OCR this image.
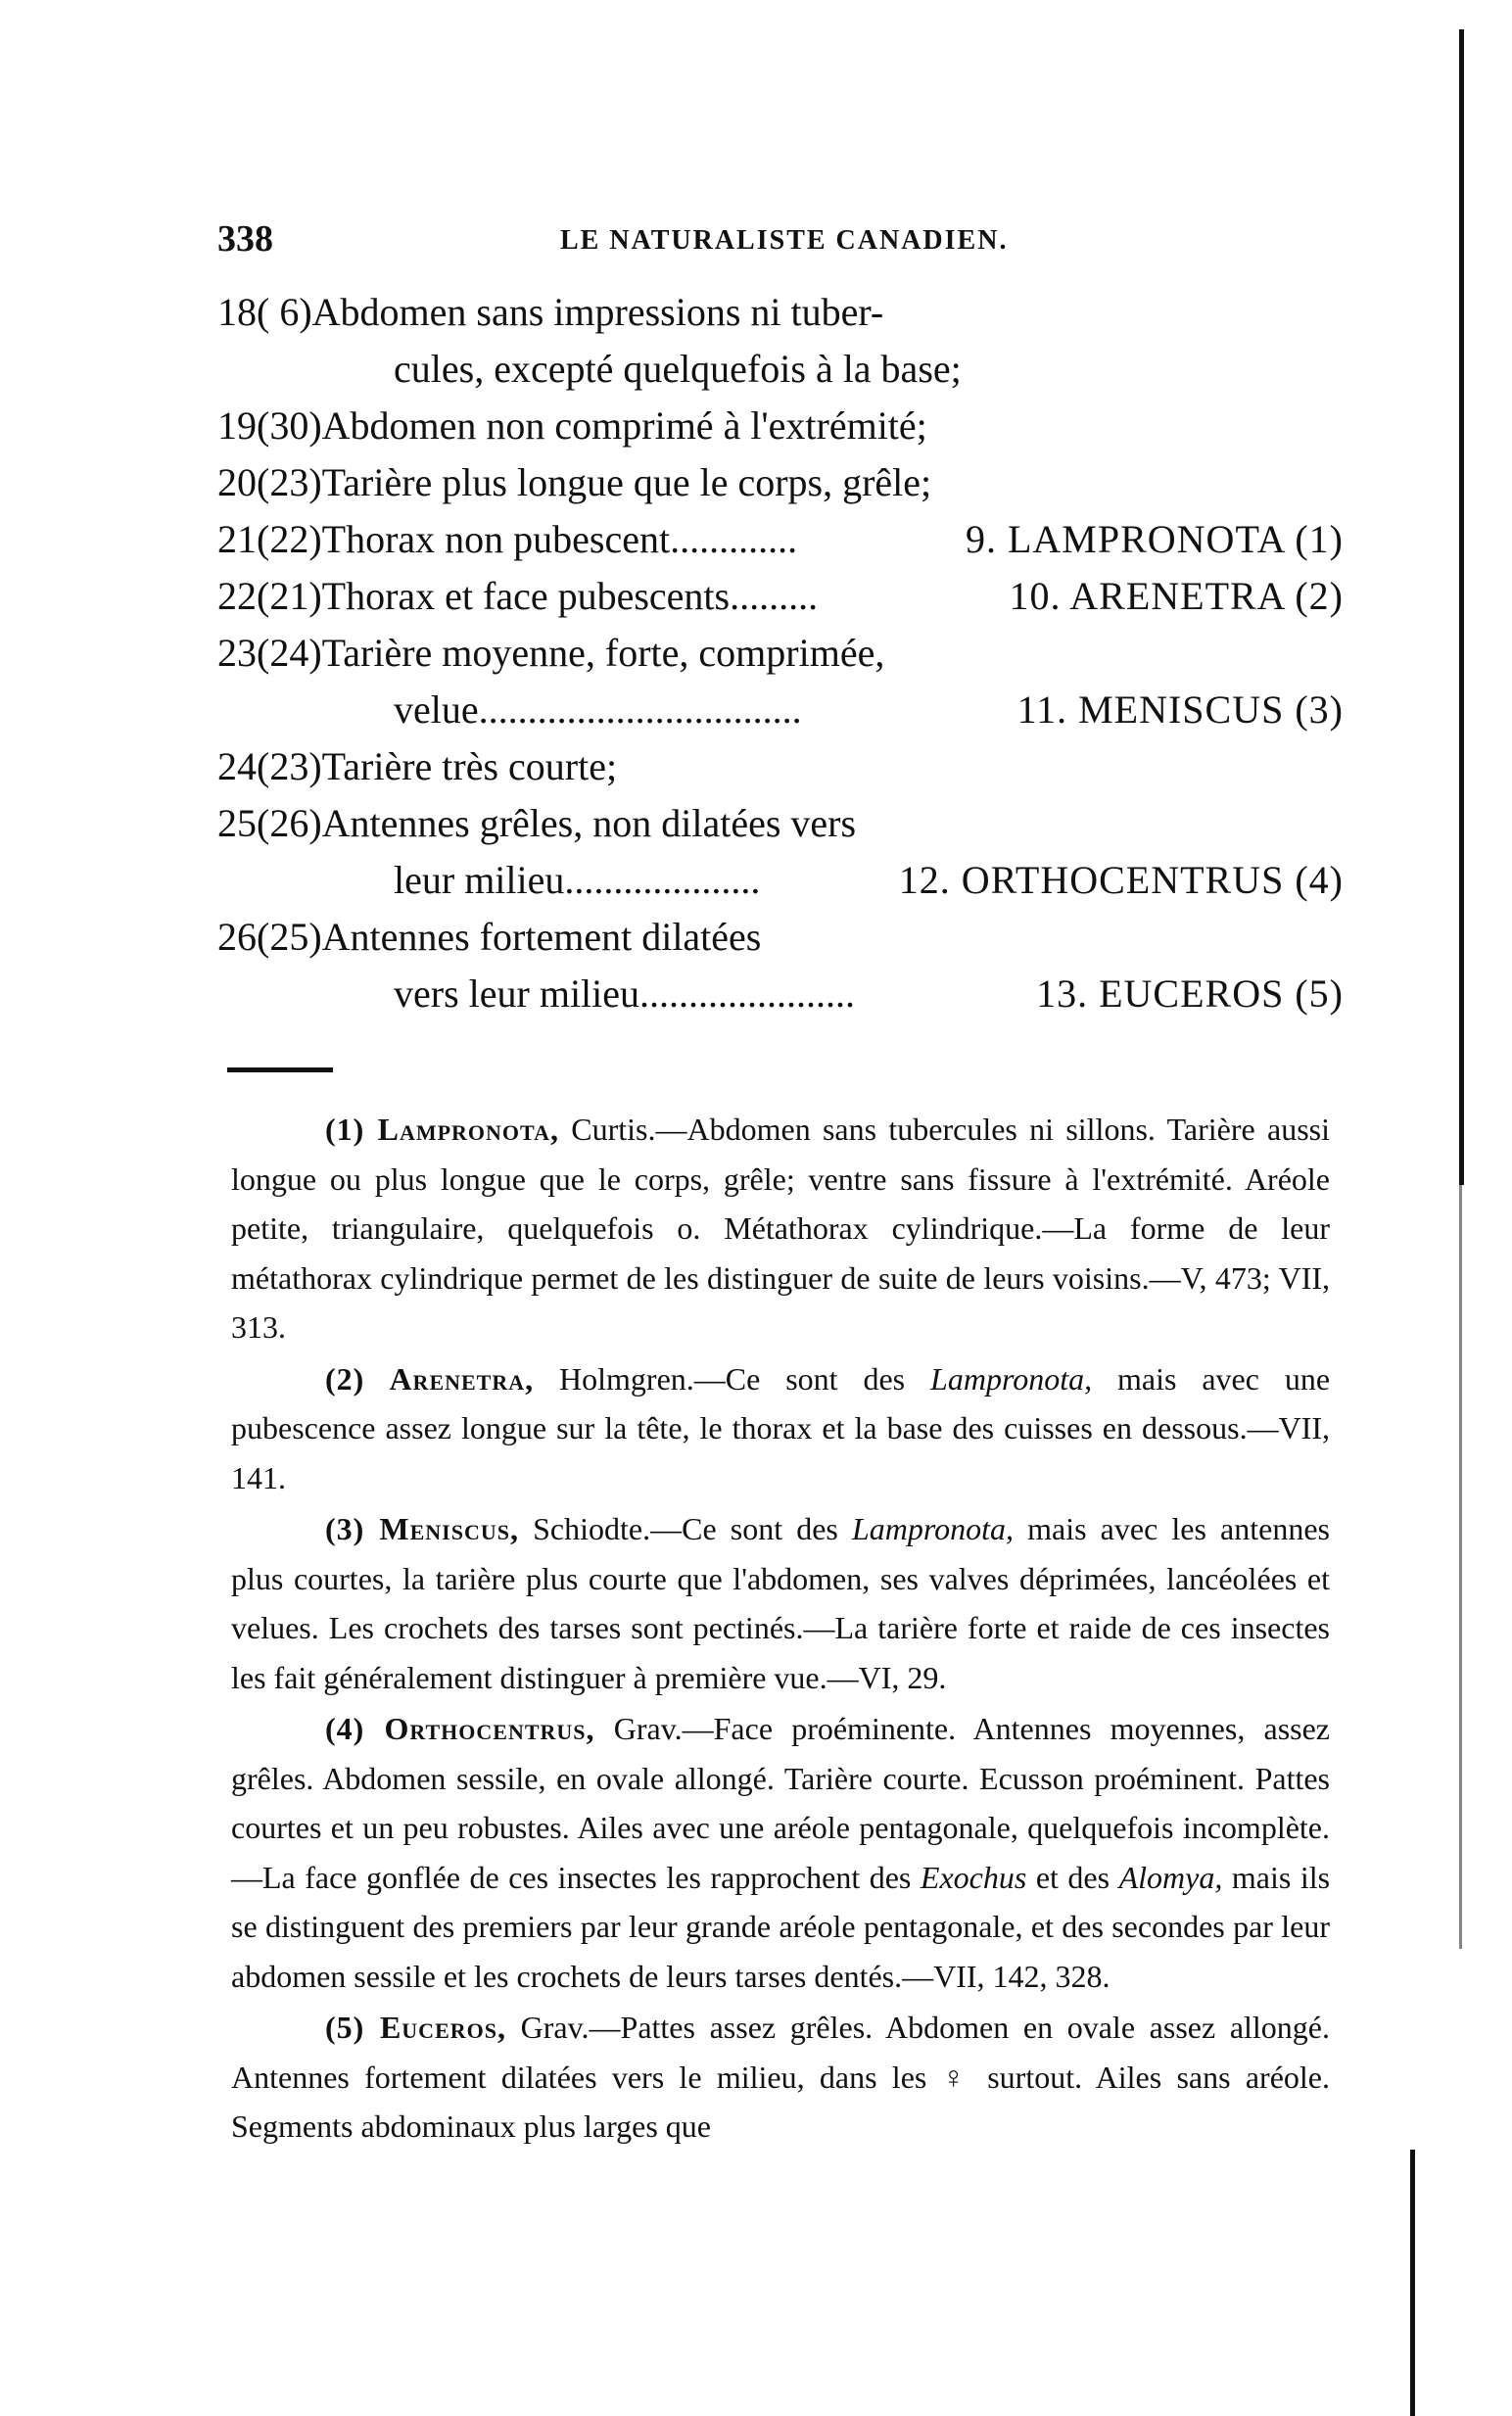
338	LE NATURALISTE CANADIEN.
18( 6)Abdomen sans impressions ni tuber-
cules, excepté quelquefois à la base;
19(30)Abdomen non comprimé à l'extrémité;
20(23)Tarière plus longue que le corps, grêle;
21(22)Thorax non pubescent.............	9. LAMPRONOTA (1)
22(21)Thorax et face pubescents.........	10. ARENETRA (2)
23(24)Tarière moyenne, forte, comprimée,
velue.................................	11. MENISCUS (3)
24(23)Tarière très courte;
25(26)Antennes grêles, non dilatées vers
leur milieu....................	12. ORTHOCENTRUS (4)
26(25)Antennes fortement dilatées
vers leur milieu......................	13. EUCEROS (5)

(1) Lampronota, Curtis.—Abdomen sans tubercules ni sillons. Tarière aussi longue ou plus longue que le corps, grêle; ventre sans fissure à l'extrémité. Aréole petite, triangulaire, quelquefois o. Métathorax cylindrique.—La forme de leur métathorax cylindrique permet de les distinguer de suite de leurs voisins.—V, 473; VII, 313.

(2) Arenetra, Holmgren.—Ce sont des Lampronota, mais avec une pubescence assez longue sur la tête, le thorax et la base des cuisses en dessous.—VII, 141.

(3) Meniscus, Schiodte.—Ce sont des Lampronota, mais avec les antennes plus courtes, la tarière plus courte que l'abdomen, ses valves déprimées, lancéolées et velues. Les crochets des tarses sont pectinés.—La tarière forte et raide de ces insectes les fait généralement distinguer à première vue.—VI, 29.

(4) Orthocentrus, Grav.—Face proéminente. Antennes moyennes, assez grêles. Abdomen sessile, en ovale allongé. Tarière courte. Ecusson proéminent. Pattes courtes et un peu robustes. Ailes avec une aréole pentagonale, quelquefois incomplète.—La face gonflée de ces insectes les rapprochent des Exochus et des Alomya, mais ils se distinguent des premiers par leur grande aréole pentagonale, et des secondes par leur abdomen sessile et les crochets de leurs tarses dentés.—VII, 142, 328.

(5) Euceros, Grav.—Pattes assez grêles. Abdomen en ovale assez allongé. Antennes fortement dilatées vers le milieu, dans les ♀ surtout. Ailes sans aréole. Segments abdominaux plus larges que
